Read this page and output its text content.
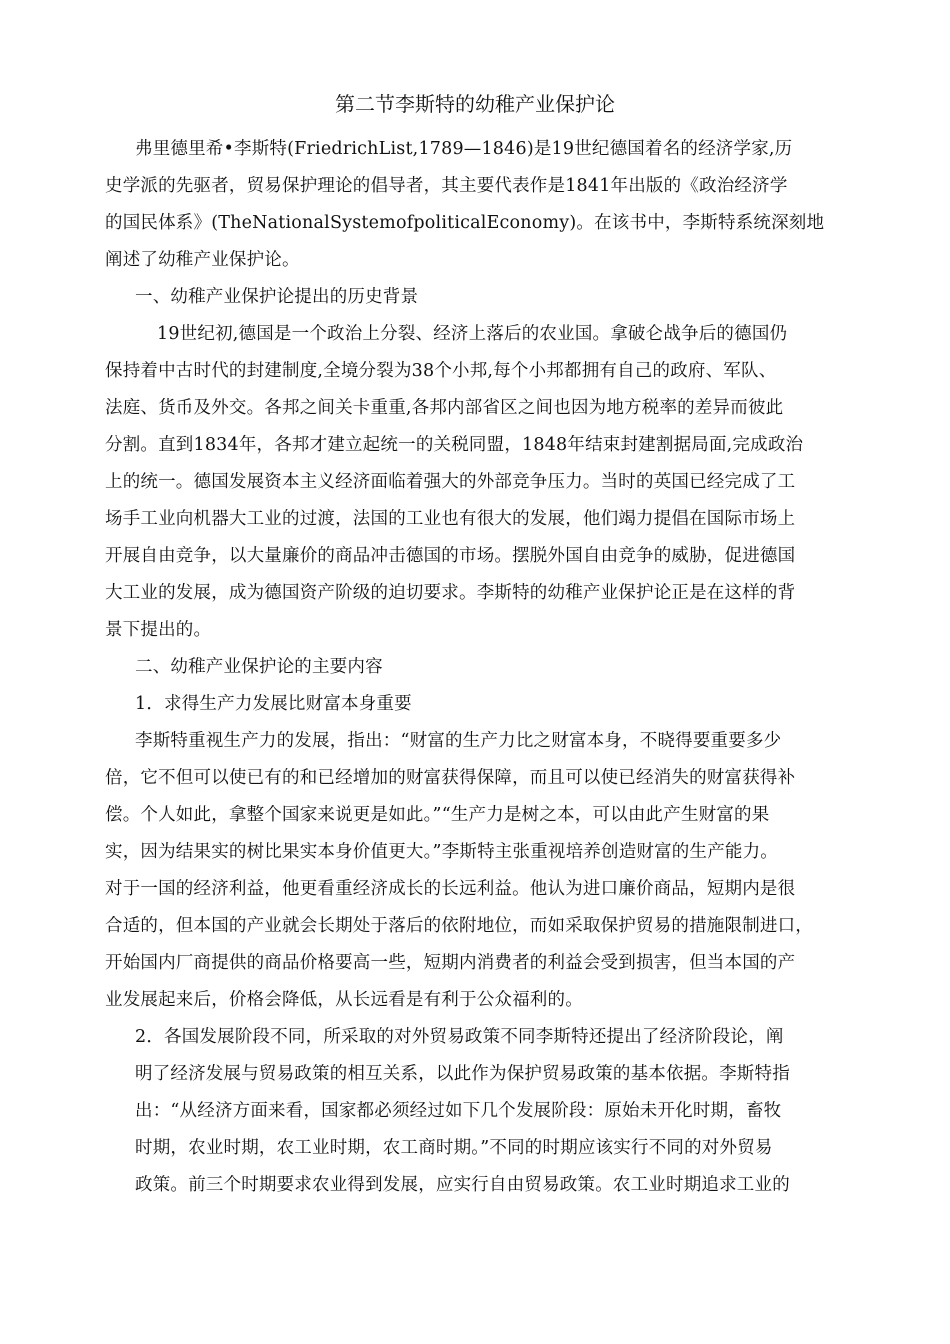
第二节李斯特的幼稚产业保护论
弗里德里希•李斯特(FriedrichList,1789—1846)是19世纪德国着名的经济学家,历
史学派的先驱者，贸易保护理论的倡导者，其主要代表作是1841年出版的《政治经济学
的国民体系》(TheNationalSystemofpoliticalEconomy)。在该书中，李斯特系统深刻地
阐述了幼稚产业保护论。
一、幼稚产业保护论提出的历史背景
19世纪初,德国是一个政治上分裂、经济上落后的农业国。拿破仑战争后的德国仍
保持着中古时代的封建制度,全境分裂为38个小邦,每个小邦都拥有自己的政府、军队、
法庭、货币及外交。各邦之间关卡重重,各邦内部省区之间也因为地方税率的差异而彼此
分割。直到1834年，各邦才建立起统一的关税同盟，1848年结束封建割据局面,完成政治
上的统一。德国发展资本主义经济面临着强大的外部竞争压力。当时的英国已经完成了工
场手工业向机器大工业的过渡，法国的工业也有很大的发展，他们竭力提倡在国际市场上
开展自由竞争，以大量廉价的商品冲击德国的市场。摆脱外国自由竞争的威胁，促进德国
大工业的发展，成为德国资产阶级的迫切要求。李斯特的幼稚产业保护论正是在这样的背
景下提出的。
二、幼稚产业保护论的主要内容
1．求得生产力发展比财富本身重要
李斯特重视生产力的发展，指出：“财富的生产力比之财富本身，不晓得要重要多少
倍，它不但可以使已有的和已经增加的财富获得保障，而且可以使已经消失的财富获得补
偿。个人如此，拿整个国家来说更是如此。”“生产力是树之本，可以由此产生财富的果
实，因为结果实的树比果实本身价值更大。”李斯特主张重视培养创造财富的生产能力。
对于一国的经济利益，他更看重经济成长的长远利益。他认为进口廉价商品，短期内是很
合适的，但本国的产业就会长期处于落后的依附地位，而如采取保护贸易的措施限制进口，
开始国内厂商提供的商品价格要高一些，短期内消费者的利益会受到损害，但当本国的产
业发展起来后，价格会降低，从长远看是有利于公众福利的。
2．各国发展阶段不同，所采取的对外贸易政策不同李斯特还提出了经济阶段论，阐
明了经济发展与贸易政策的相互关系，以此作为保护贸易政策的基本依据。李斯特指
出：“从经济方面来看，国家都必须经过如下几个发展阶段：原始未开化时期，畜牧
时期，农业时期，农工业时期，农工商时期。”不同的时期应该实行不同的对外贸易
政策。前三个时期要求农业得到发展，应实行自由贸易政策。农工业时期追求工业的
